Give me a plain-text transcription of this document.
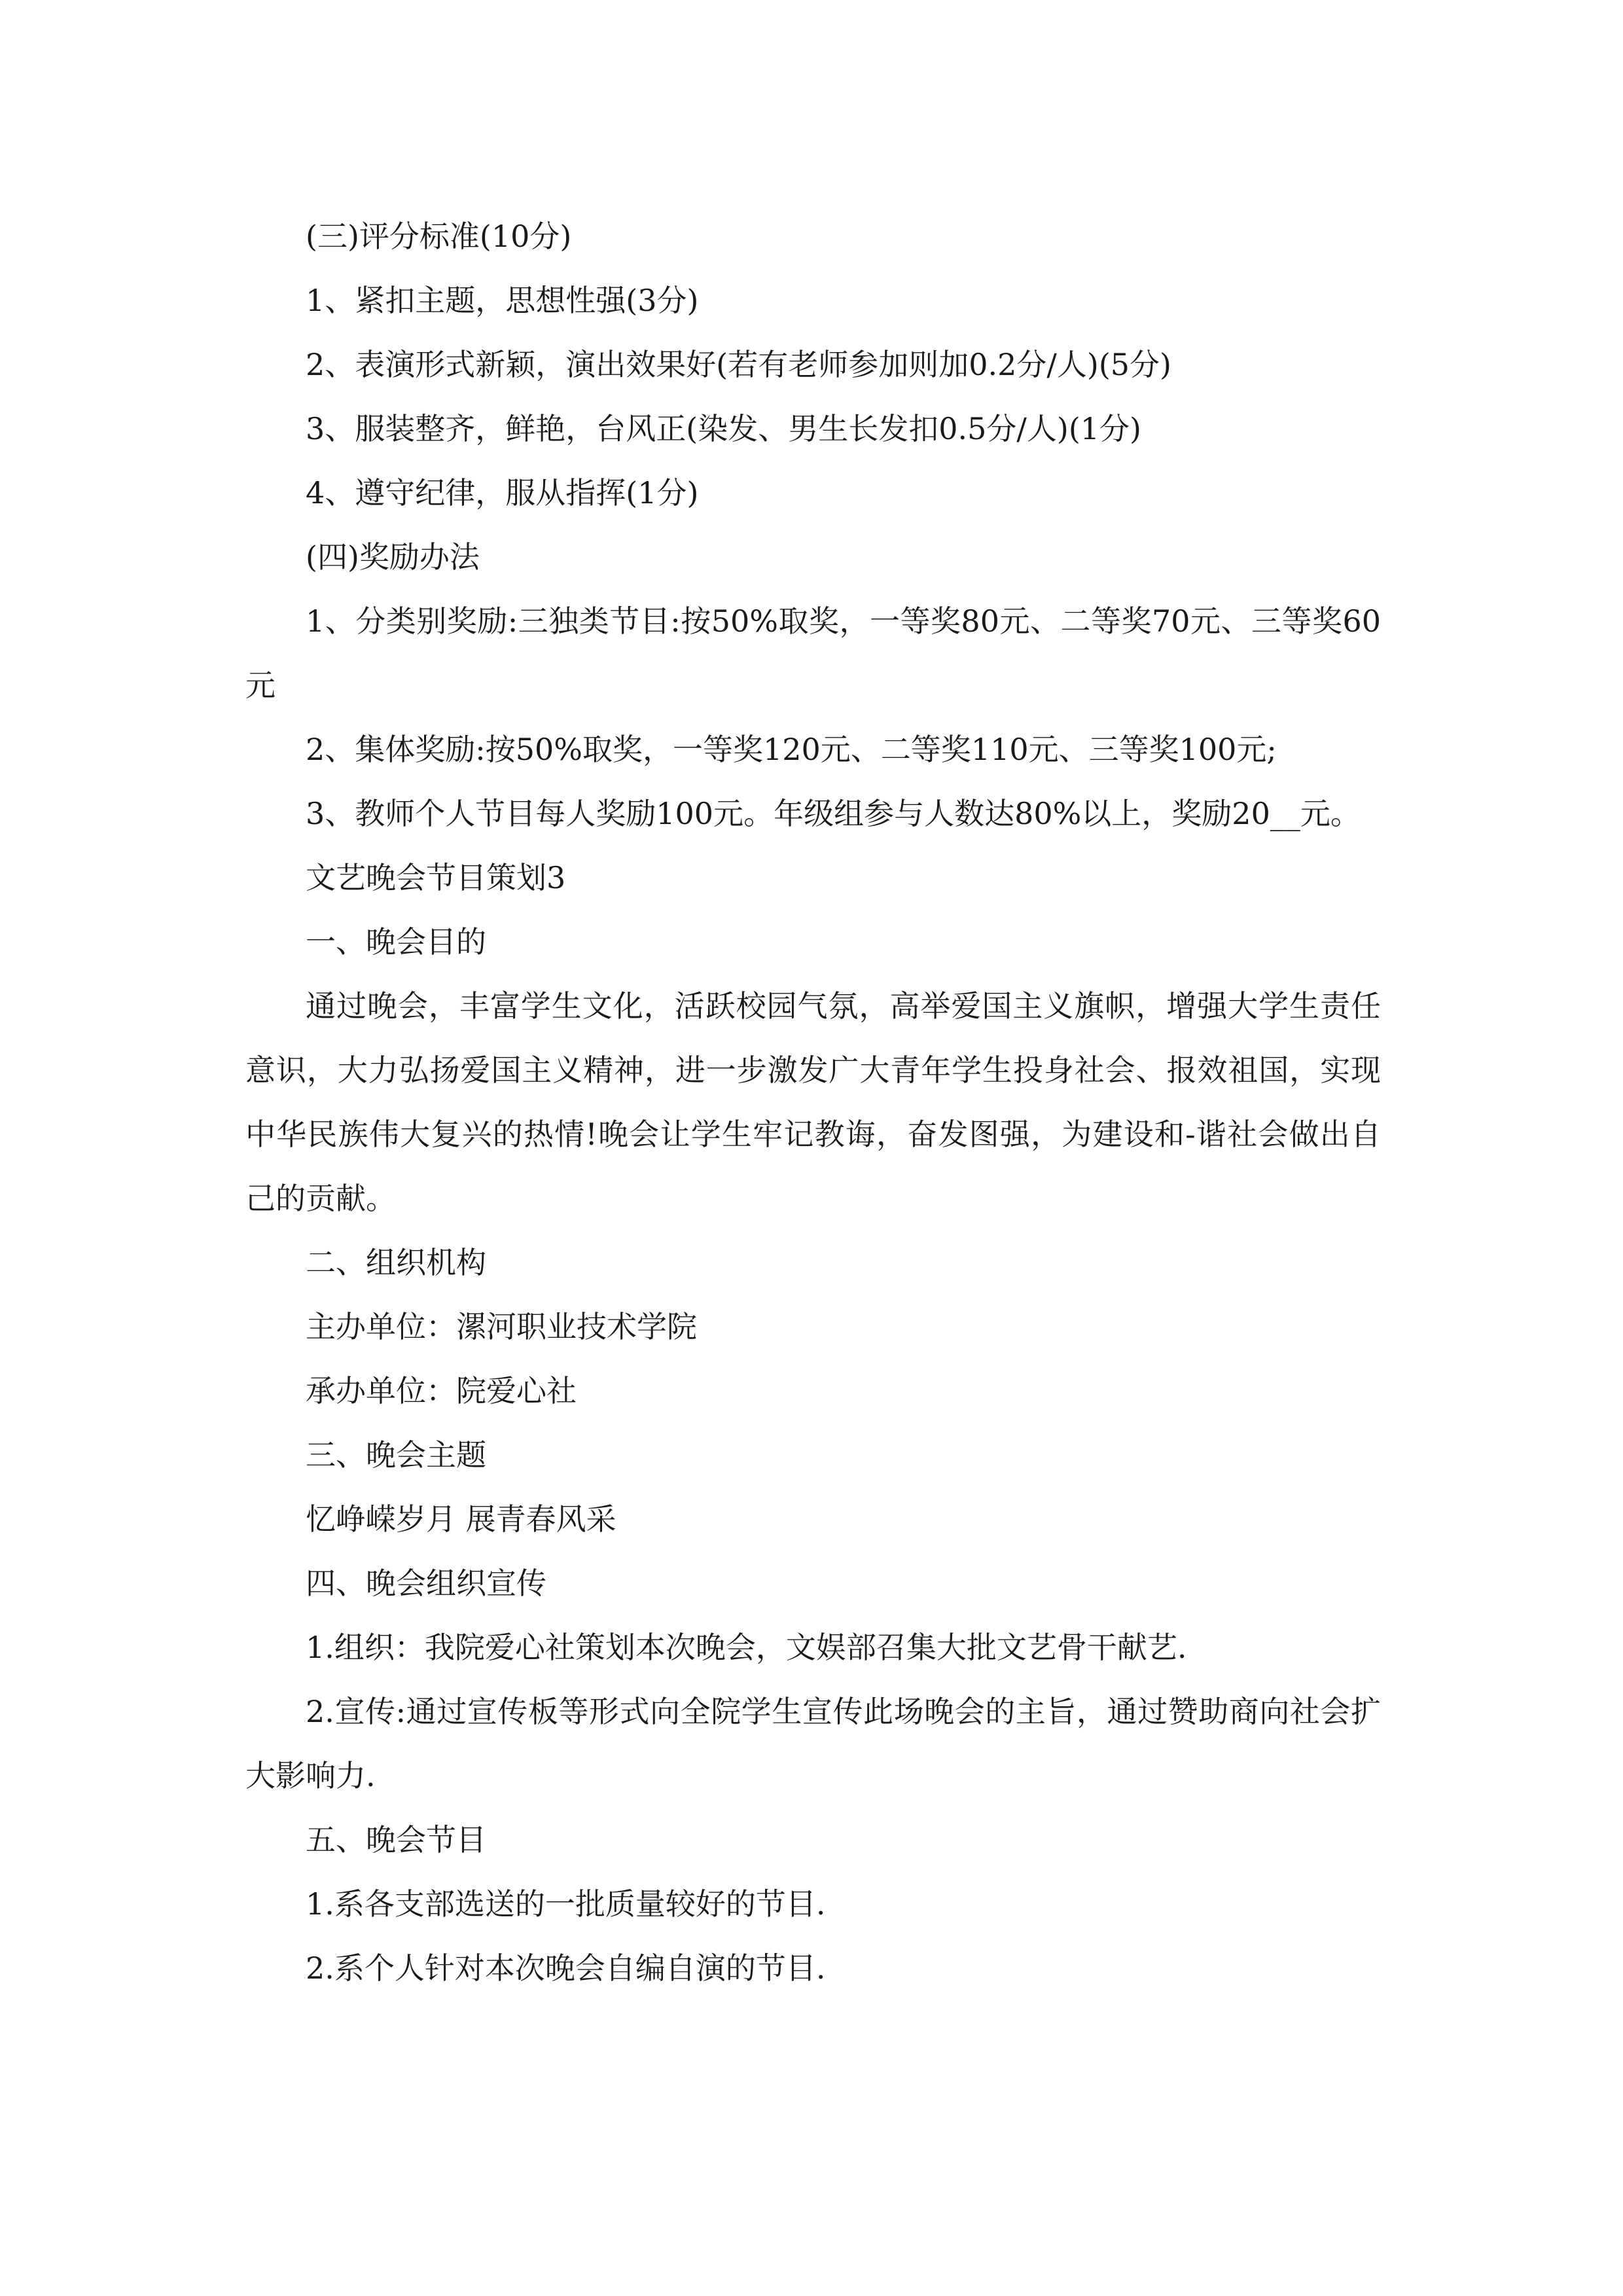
(三)评分标准(10分)

1、紧扣主题，思想性强(3分)

2、表演形式新颖，演出效果好(若有老师参加则加0.2分/人)(5分)

3、服装整齐，鲜艳，台风正(染发、男生长发扣0.5分/人)(1分)

4、遵守纪律，服从指挥(1分)

(四)奖励办法

1、分类别奖励:三独类节目:按50%取奖，一等奖80元、二等奖70元、三等奖60元

2、集体奖励:按50%取奖，一等奖120元、二等奖110元、三等奖100元;

3、教师个人节目每人奖励100元。年级组参与人数达80%以上，奖励20__元。

文艺晚会节目策划3

一、晚会目的

通过晚会，丰富学生文化，活跃校园气氛，高举爱国主义旗帜，增强大学生责任意识，大力弘扬爱国主义精神，进一步激发广大青年学生投身社会、报效祖国，实现中华民族伟大复兴的热情!晚会让学生牢记教诲，奋发图强，为建设和-谐社会做出自己的贡献。

二、组织机构

主办单位：漯河职业技术学院

承办单位：院爱心社

三、晚会主题

忆峥嵘岁月 展青春风采

四、晚会组织宣传

1.组织：我院爱心社策划本次晚会，文娱部召集大批文艺骨干献艺.

2.宣传:通过宣传板等形式向全院学生宣传此场晚会的主旨，通过赞助商向社会扩大影响力.

五、晚会节目

1.系各支部选送的一批质量较好的节目.

2.系个人针对本次晚会自编自演的节目.
